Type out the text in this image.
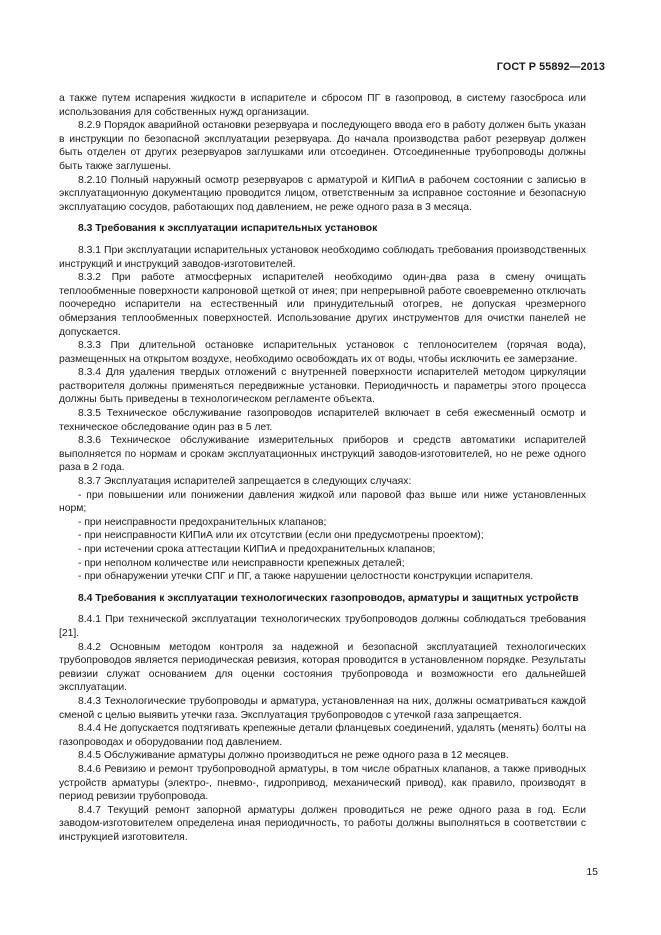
ГОСТ Р 55892—2013

а также путем испарения жидкости в испарителе и сбросом ПГ в газопровод, в систему газосброса или использования для собственных нужд организации.

8.2.9 Порядок аварийной остановки резервуара и последующего ввода его в работу должен быть указан в инструкции по безопасной эксплуатации резервуара. До начала производства работ резервуар должен быть отделен от других резервуаров заглушками или отсоединен. Отсоединенные трубопроводы должны быть также заглушены.

8.2.10 Полный наружный осмотр резервуаров с арматурой и КИПиА в рабочем состоянии с записью в эксплуатационную документацию проводится лицом, ответственным за исправное состояние и безопасную эксплуатацию сосудов, работающих под давлением, не реже одного раза в 3 месяца.

8.3 Требования к эксплуатации испарительных установок

8.3.1 При эксплуатации испарительных установок необходимо соблюдать требования производственных инструкций и инструкций заводов-изготовителей.

8.3.2 При работе атмосферных испарителей необходимо один-два раза в смену очищать теплообменные поверхности капроновой щеткой от инея; при непрерывной работе своевременно отключать поочередно испарители на естественный или принудительный отогрев, не допуская чрезмерного обмерзания теплообменных поверхностей. Использование других инструментов для очистки панелей не допускается.

8.3.3 При длительной остановке испарительных установок с теплоносителем (горячая вода), размещенных на открытом воздухе, необходимо освобождать их от воды, чтобы исключить ее замерзание.

8.3.4 Для удаления твердых отложений с внутренней поверхности испарителей методом циркуляции растворителя должны применяться передвижные установки. Периодичность и параметры этого процесса должны быть приведены в технологическом регламенте объекта.

8.3.5 Техническое обслуживание газопроводов испарителей включает в себя ежесменный осмотр и техническое обследование один раз в 5 лет.

8.3.6 Техническое обслуживание измерительных приборов и средств автоматики испарителей выполняется по нормам и срокам эксплуатационных инструкций заводов-изготовителей, но не реже одного раза в 2 года.

8.3.7 Эксплуатация испарителей запрещается в следующих случаях:

- при повышении или понижении давления жидкой или паровой фаз выше или ниже установленных норм;

- при неисправности предохранительных клапанов;

- при неисправности КИПиА или их отсутствии (если они предусмотрены проектом);

- при истечении срока аттестации КИПиА и предохранительных клапанов;

- при неполном количестве или неисправности крепежных деталей;

- при обнаружении утечки СПГ и ПГ, а также нарушении целостности конструкции испарителя.

8.4 Требования к эксплуатации технологических газопроводов, арматуры и защитных устройств

8.4.1 При технической эксплуатации технологических трубопроводов должны соблюдаться требования [21].

8.4.2 Основным методом контроля за надежной и безопасной эксплуатацией технологических трубопроводов является периодическая ревизия, которая проводится в установленном порядке. Результаты ревизии служат основанием для оценки состояния трубопровода и возможности его дальнейшей эксплуатации.

8.4.3 Технологические трубопроводы и арматура, установленная на них, должны осматриваться каждой сменой с целью выявить утечки газа. Эксплуатация трубопроводов с утечкой газа запрещается.

8.4.4 Не допускается подтягивать крепежные детали фланцевых соединений, удалять (менять) болты на газопроводах и оборудовании под давлением.

8.4.5 Обслуживание арматуры должно производиться не реже одного раза в 12 месяцев.

8.4.6 Ревизию и ремонт трубопроводной арматуры, в том числе обратных клапанов, а также приводных устройств арматуры (электро-, пневмо-, гидропривод, механический привод), как правило, производят в период ревизии трубопровода.

8.4.7 Текущий ремонт запорной арматуры должен проводиться не реже одного раза в год. Если заводом-изготовителем определена иная периодичность, то работы должны выполняться в соответствии с инструкцией изготовителя.

15
